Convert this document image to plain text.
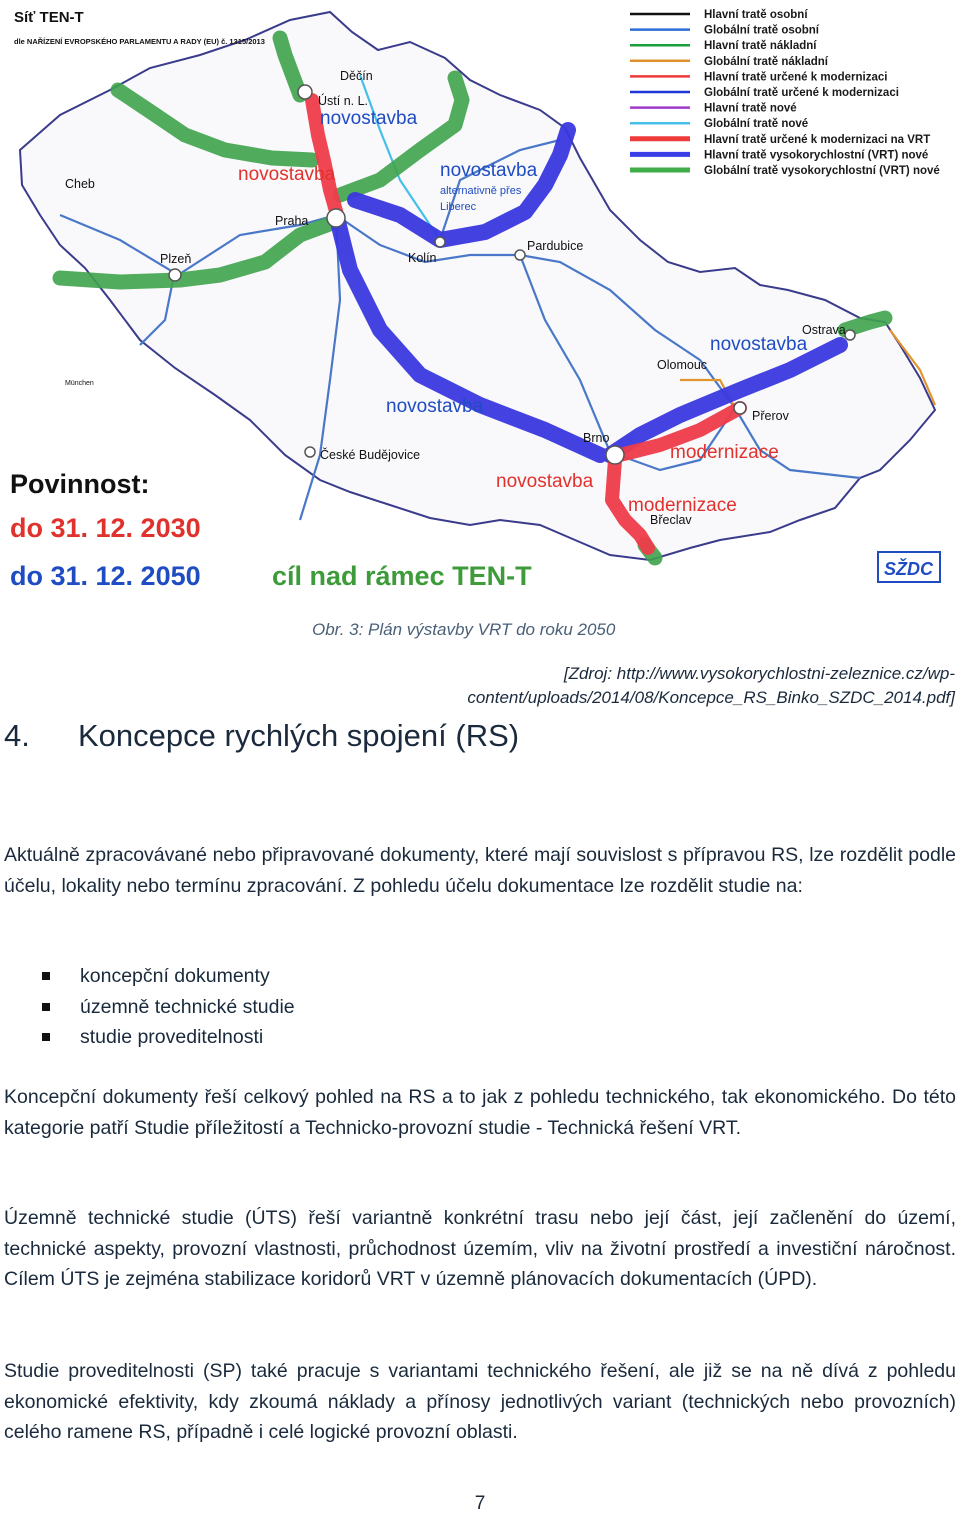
Síť TEN-T
dle NAŘÍZENÍ EVROPSKÉHO PARLAMENTU A RADY (EU) č. 1315/2013
Děčín
Ústí n. L.
Cheb
Praha
Plzeň	Kolín
Pardubice
Olomouc
Ostrava
Přerov
Brno
Břeclav
České Budějovice
München
novostavba
novostavba	novostavba
alternativně přes
Liberec
novostavba
novostavba
novostavba
modernizace
modernizace
Povinnost:
do 31. 12. 2030
do 31. 12. 2050	cíl nad rámec TEN-T	SŽDC
Hlavní tratě osobní
Globální tratě osobní
Hlavní tratě nákladní
Globální tratě nákladní
Hlavní tratě určené k modernizaci
Globální tratě určené k modernizaci
Hlavní tratě nové
Globální tratě nové
Hlavní tratě určené k modernizaci na VRT
Hlavní tratě vysokorychlostní (VRT) nové
Globální tratě vysokorychlostní (VRT) nové
Obr. 3: Plán výstavby VRT do roku 2050
[Zdroj: http://www.vysokorychlostni-zeleznice.cz/wp-content/uploads/2014/08/Koncepce_RS_Binko_SZDC_2014.pdf]
4. Koncepce rychlých spojení (RS)

Aktuálně zpracovávané nebo připravované dokumenty, které mají souvislost s přípravou RS, lze rozdělit podle účelu, lokality nebo termínu zpracování. Z pohledu účelu dokumentace lze rozdělit studie na:

koncepční dokumenty
územně technické studie
studie proveditelnosti

Koncepční dokumenty řeší celkový pohled na RS a to jak z pohledu technického, tak ekonomického. Do této kategorie patří Studie příležitostí a Technicko-provozní studie - Technická řešení VRT.

Územně technické studie (ÚTS) řeší variantně konkrétní trasu nebo její část, její začlenění do území, technické aspekty, provozní vlastnosti, průchodnost územím, vliv na životní prostředí a investiční náročnost. Cílem ÚTS je zejména stabilizace koridorů VRT v územně plánovacích dokumentacích (ÚPD).

Studie proveditelnosti (SP) také pracuje s variantami technického řešení, ale již se na ně dívá z pohledu ekonomické efektivity, kdy zkoumá náklady a přínosy jednotlivých variant (technických nebo provozních) celého ramene RS, případně i celé logické provozní oblasti.

7
